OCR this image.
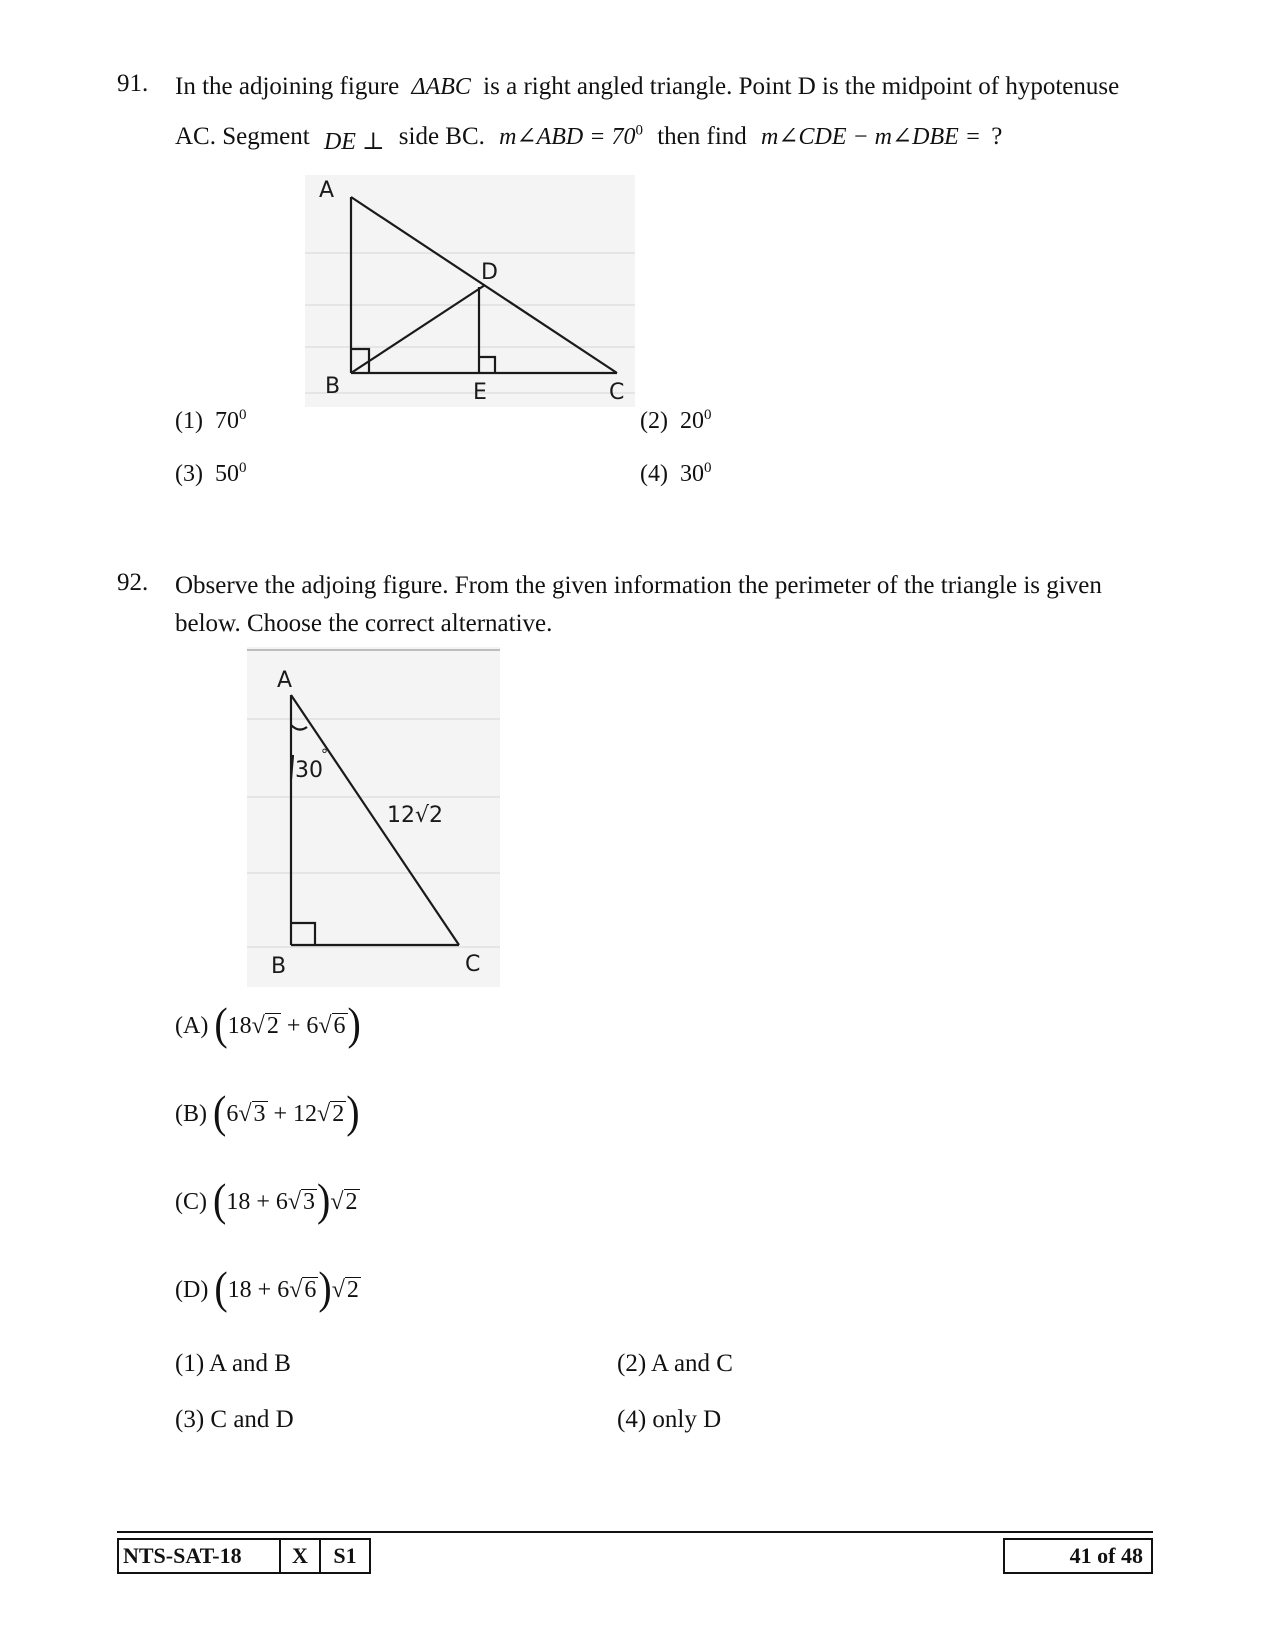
91. In the adjoining figure ΔABC is a right angled triangle. Point D is the midpoint of hypotenuse
AC. Segment DE ⊥ side BC. m∠ABD = $70^0$ then find m∠CDE − m∠DBE = ?
A
D
B	E	C
(1) $70^0$	(2) $20^0$
(3) $50^0$	(4) $30^0$
92. Observe the adjoing figure. From the given information the perimeter of the triangle is given
below. Choose the correct alternative.
A
30
°
12√2
B	C
(A) (18√2 + 6√6)
(B) (6√3 + 12√2)
(C) (18 + 6√3)√2
(D) (18 + 6√6)√2
(1) A and B	(2) A and C
(3) C and D	(4) only D
NTS-SAT-18	X	S1	41 of 48
